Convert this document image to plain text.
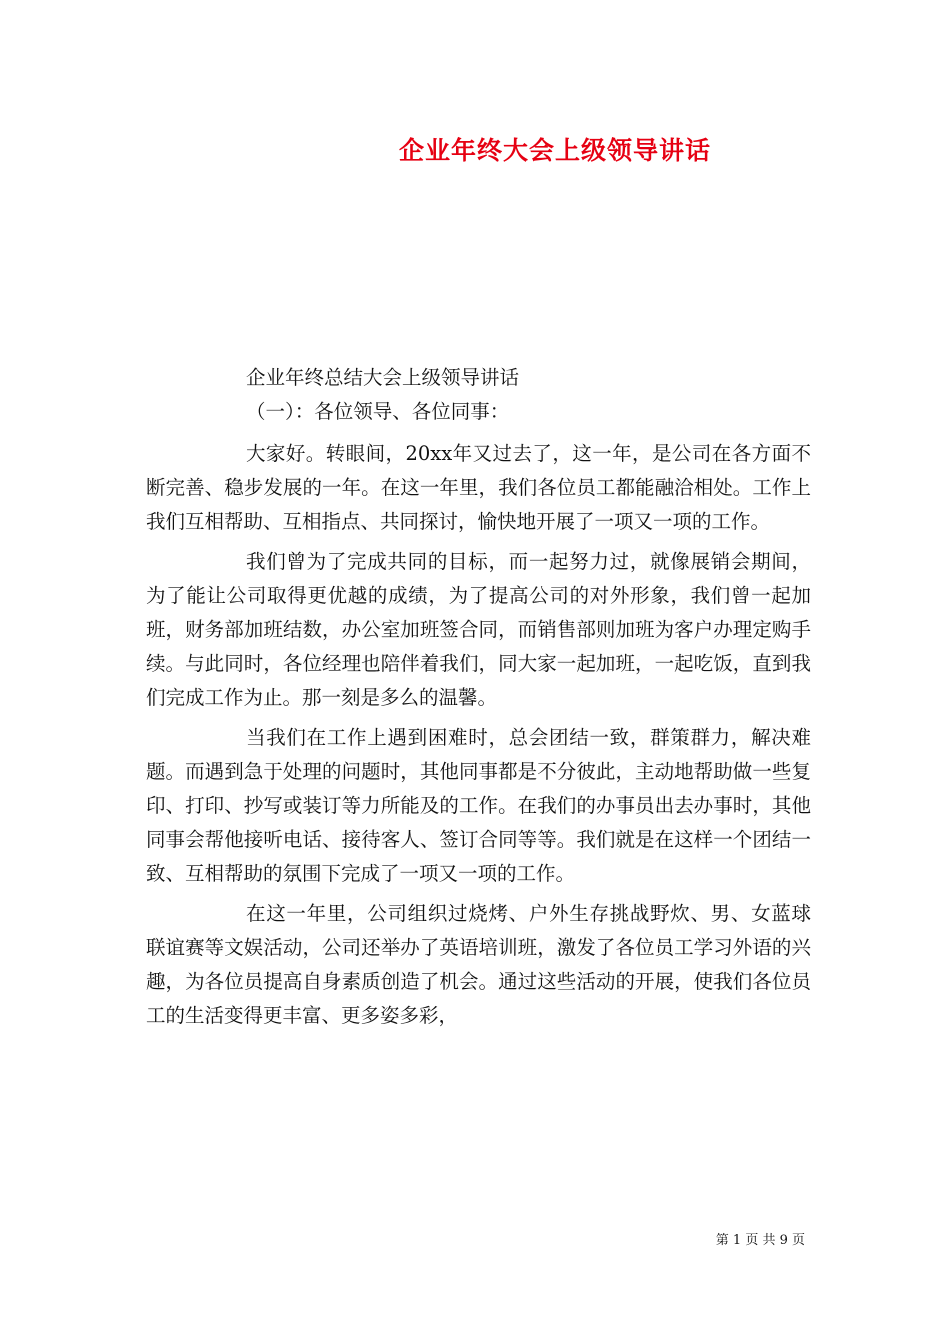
企业年终大会上级领导讲话

企业年终总结大会上级领导讲话

（一）：各位领导、各位同事：

大家好。转眼间，20xx年又过去了，这一年，是公司在各方面不断完善、稳步发展的一年。在这一年里，我们各位员工都能融洽相处。工作上我们互相帮助、互相指点、共同探讨，愉快地开展了一项又一项的工作。

我们曾为了完成共同的目标，而一起努力过，就像展销会期间，为了能让公司取得更优越的成绩，为了提高公司的对外形象，我们曾一起加班，财务部加班结数，办公室加班签合同，而销售部则加班为客户办理定购手续。与此同时，各位经理也陪伴着我们，同大家一起加班，一起吃饭，直到我们完成工作为止。那一刻是多么的温馨。

当我们在工作上遇到困难时，总会团结一致，群策群力，解决难题。而遇到急于处理的问题时，其他同事都是不分彼此，主动地帮助做一些复印、打印、抄写或装订等力所能及的工作。在我们的办事员出去办事时，其他同事会帮他接听电话、接待客人、签订合同等等。我们就是在这样一个团结一致、互相帮助的氛围下完成了一项又一项的工作。

在这一年里，公司组织过烧烤、户外生存挑战野炊、男、女蓝球联谊赛等文娱活动，公司还举办了英语培训班，激发了各位员工学习外语的兴趣，为各位员提高自身素质创造了机会。通过这些活动的开展，使我们各位员工的生活变得更丰富、更多姿多彩，

第 1 页 共 9 页
